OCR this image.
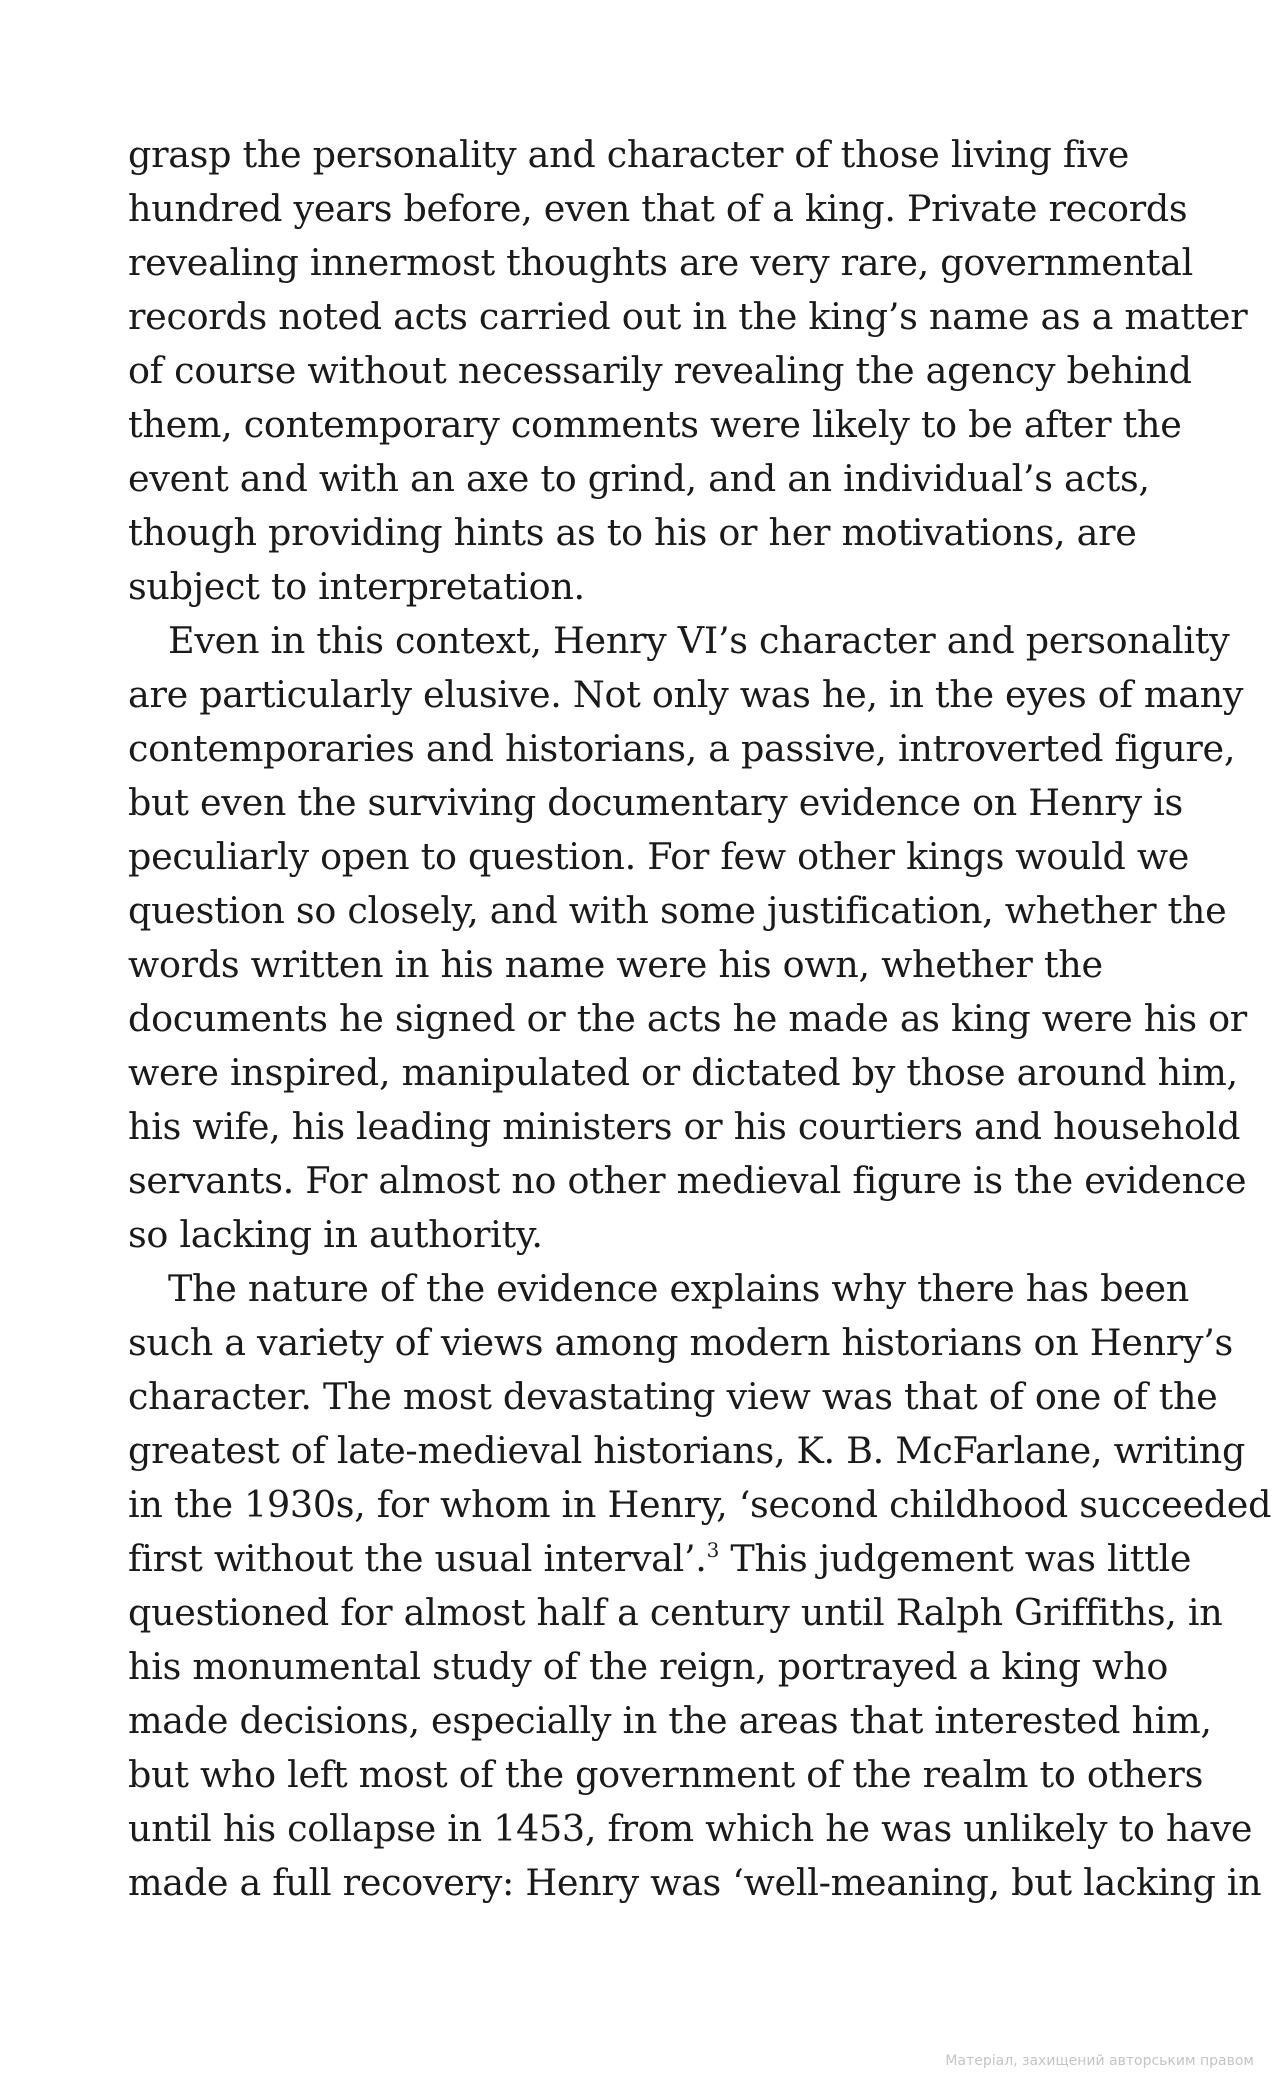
grasp the personality and character of those living five
hundred years before, even that of a king. Private records
revealing innermost thoughts are very rare, governmental
records noted acts carried out in the king’s name as a matter
of course without necessarily revealing the agency behind
them, contemporary comments were likely to be after the
event and with an axe to grind, and an individual’s acts,
though providing hints as to his or her motivations, are
subject to interpretation.
Even in this context, Henry VI’s character and personality
are particularly elusive. Not only was he, in the eyes of many
contemporaries and historians, a passive, introverted figure,
but even the surviving documentary evidence on Henry is
peculiarly open to question. For few other kings would we
question so closely, and with some justification, whether the
words written in his name were his own, whether the
documents he signed or the acts he made as king were his or
were inspired, manipulated or dictated by those around him,
his wife, his leading ministers or his courtiers and household
servants. For almost no other medieval figure is the evidence
so lacking in authority.
The nature of the evidence explains why there has been
such a variety of views among modern historians on Henry’s
character. The most devastating view was that of one of the
greatest of late-medieval historians, K. B. McFarlane, writing
in the 1930s, for whom in Henry, ‘second childhood succeeded
first without the usual interval’.$^3$ This judgement was little
questioned for almost half a century until Ralph Griffiths, in
his monumental study of the reign, portrayed a king who
made decisions, especially in the areas that interested him,
but who left most of the government of the realm to others
until his collapse in 1453, from which he was unlikely to have
made a full recovery: Henry was ‘well-meaning, but lacking in
Матеріал, захищений авторським правом
